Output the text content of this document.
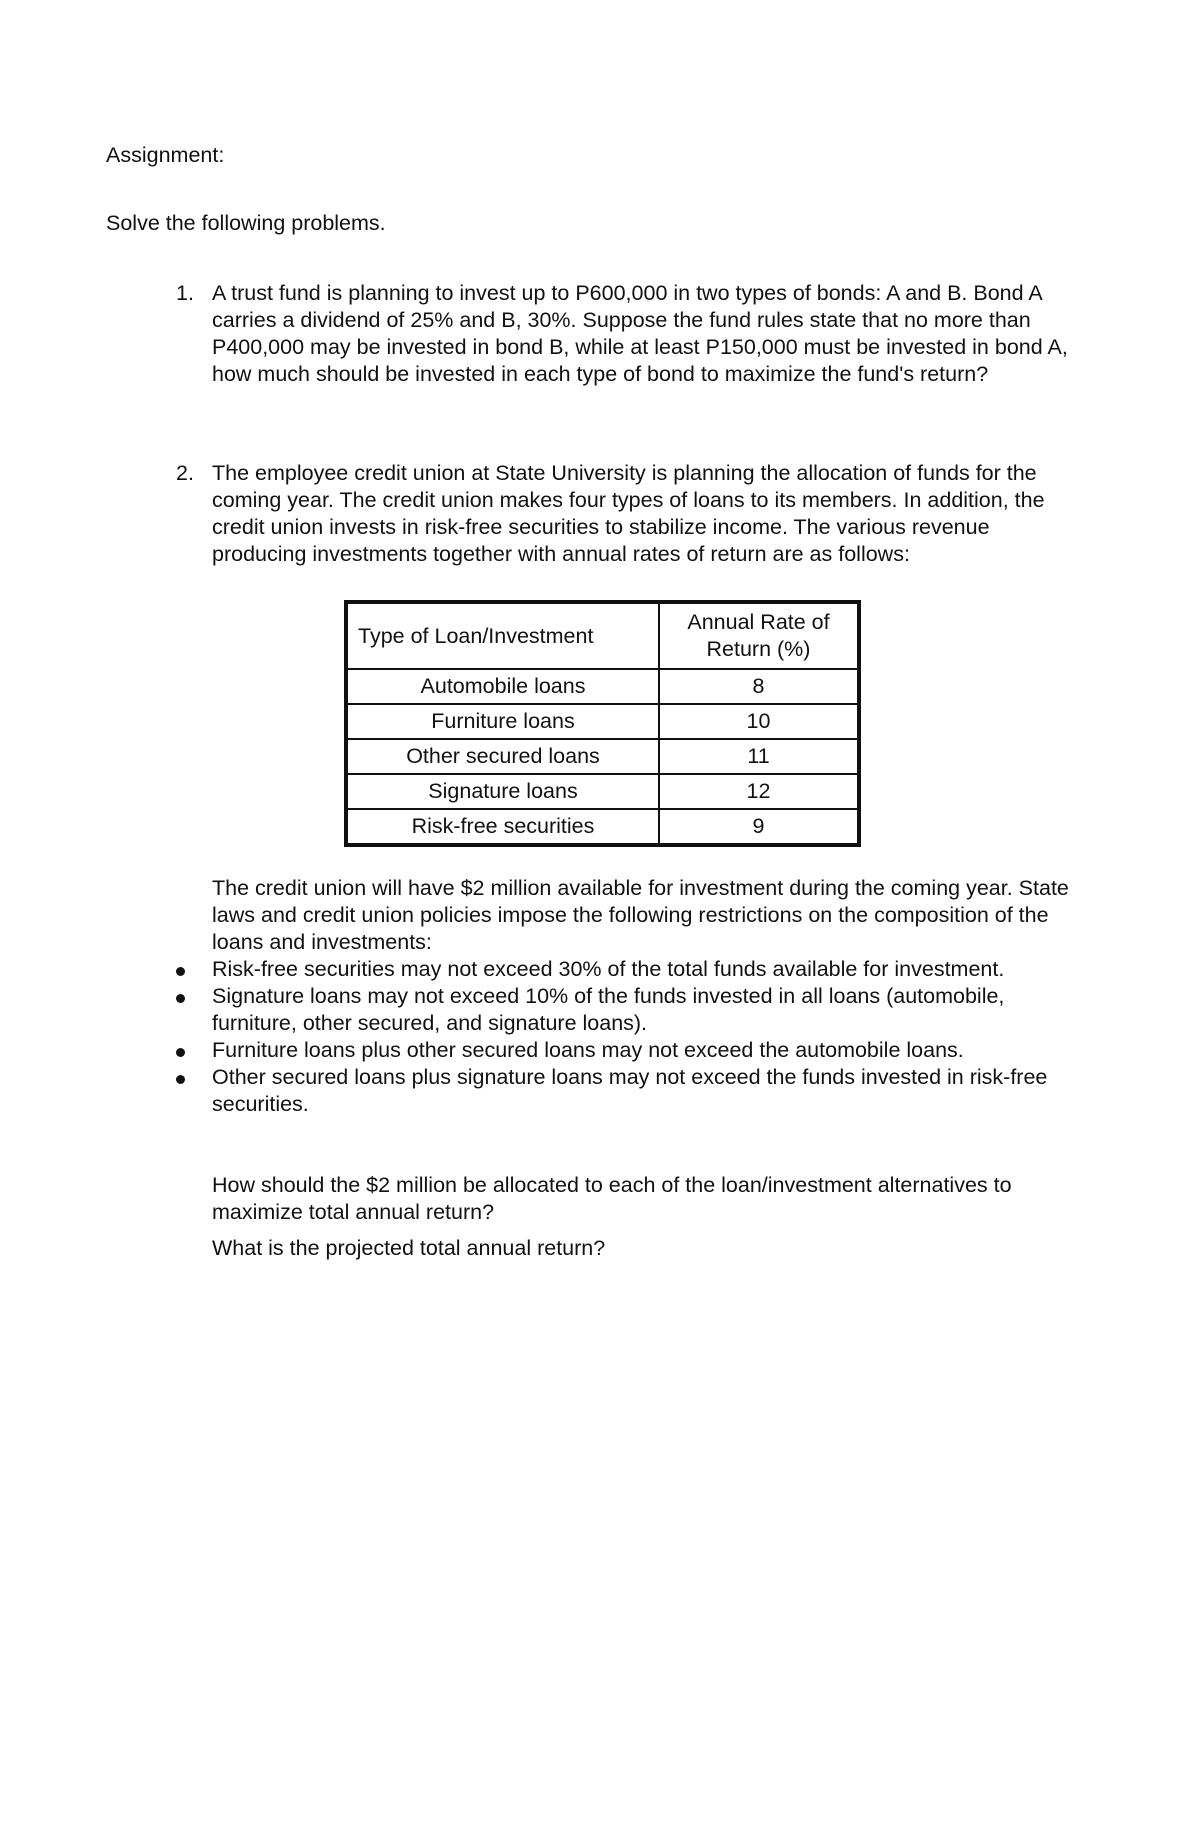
Assignment:

Solve the following problems.

1. A trust fund is planning to invest up to P600,000 in two types of bonds: A and B. Bond A carries a dividend of 25% and B, 30%. Suppose the fund rules state that no more than P400,000 may be invested in bond B, while at least P150,000 must be invested in bond A, how much should be invested in each type of bond to maximize the fund's return?

2. The employee credit union at State University is planning the allocation of funds for the coming year. The credit union makes four types of loans to its members. In addition, the credit union invests in risk-free securities to stabilize income. The various revenue producing investments together with annual rates of return are as follows:

Type of Loan/Investment	Annual Rate of Return (%)
Automobile loans	8
Furniture loans	10
Other secured loans	11
Signature loans	12
Risk-free securities	9

The credit union will have $2 million available for investment during the coming year. State laws and credit union policies impose the following restrictions on the composition of the loans and investments:

Risk-free securities may not exceed 30% of the total funds available for investment.
Signature loans may not exceed 10% of the funds invested in all loans (automobile, furniture, other secured, and signature loans).
Furniture loans plus other secured loans may not exceed the automobile loans.
Other secured loans plus signature loans may not exceed the funds invested in risk-free securities.

How should the $2 million be allocated to each of the loan/investment alternatives to maximize total annual return?

What is the projected total annual return?
